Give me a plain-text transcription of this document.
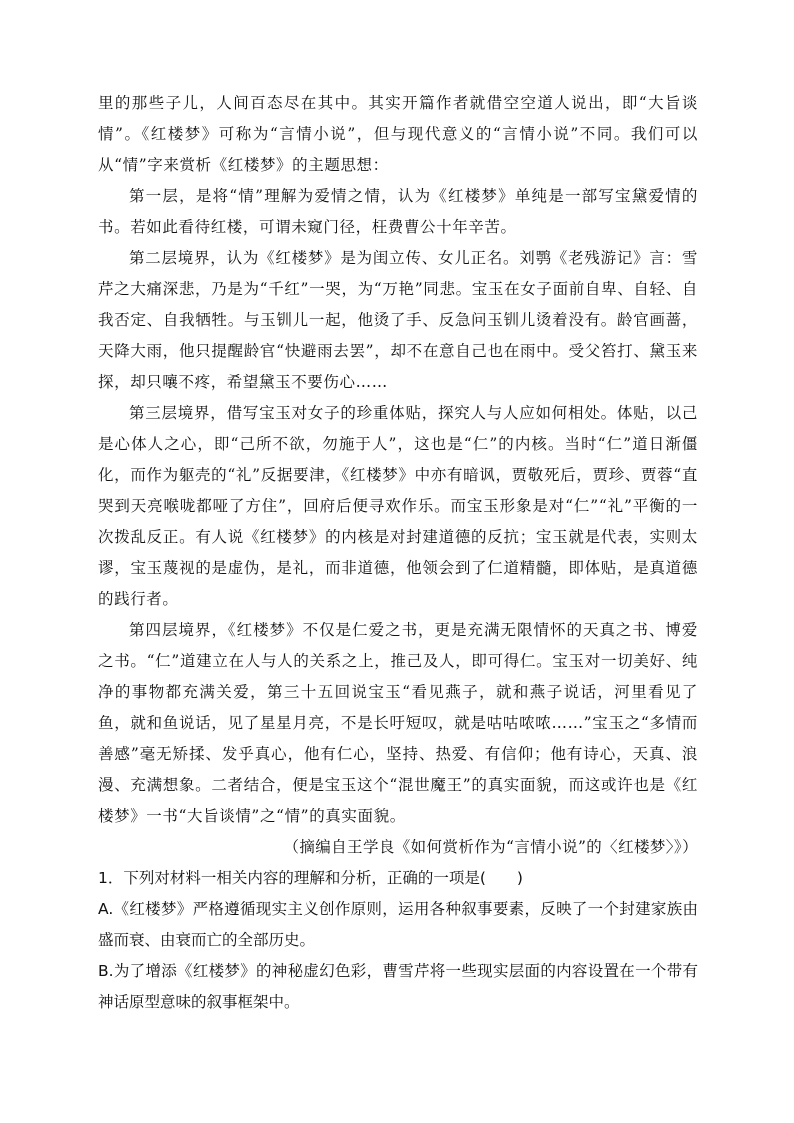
里的那些子儿，人间百态尽在其中。其实开篇作者就借空空道人说出，即“大旨谈情”。《红楼梦》可称为“言情小说”，但与现代意义的“言情小说”不同。我们可以从“情”字来赏析《红楼梦》的主题思想：

第一层，是将“情”理解为爱情之情，认为《红楼梦》单纯是一部写宝黛爱情的书。若如此看待红楼，可谓未窥门径，枉费曹公十年辛苦。

第二层境界，认为《红楼梦》是为闺立传、女儿正名。刘鹗《老残游记》言：雪芹之大痛深悲，乃是为“千红”一哭，为“万艳”同悲。宝玉在女子面前自卑、自轻、自我否定、自我牺牲。与玉钏儿一起，他烫了手、反急问玉钏儿烫着没有。龄官画蔷，天降大雨，他只提醒龄官“快避雨去罢”，却不在意自己也在雨中。受父笞打、黛玉来探，却只嚷不疼，希望黛玉不要伤心……

第三层境界，借写宝玉对女子的珍重体贴，探究人与人应如何相处。体贴，以己是心体人之心，即“己所不欲，勿施于人”，这也是“仁”的内核。当时“仁”道日渐僵化，而作为躯壳的“礼”反据要津，《红楼梦》中亦有暗讽，贾敬死后，贾珍、贾蓉“直哭到天亮喉咙都哑了方住”，回府后便寻欢作乐。而宝玉形象是对“仁”“礼”平衡的一次拨乱反正。有人说《红楼梦》的内核是对封建道德的反抗；宝玉就是代表，实则太谬，宝玉蔑视的是虚伪，是礼，而非道德，他领会到了仁道精髓，即体贴，是真道德的践行者。

第四层境界，《红楼梦》不仅是仁爱之书，更是充满无限情怀的天真之书、博爱之书。“仁”道建立在人与人的关系之上，推己及人，即可得仁。宝玉对一切美好、纯净的事物都充满关爱，第三十五回说宝玉“看见燕子，就和燕子说话，河里看见了鱼，就和鱼说话，见了星星月亮，不是长吁短叹，就是咕咕哝哝……”宝玉之“多情而善感”毫无矫揉、发乎真心，他有仁心，坚持、热爱、有信仰；他有诗心，天真、浪漫、充满想象。二者结合，便是宝玉这个“混世魔王”的真实面貌，而这或许也是《红楼梦》一书“大旨谈情”之“情”的真实面貌。

（摘编自王学良《如何赏析作为“言情小说”的〈红楼梦〉》）

1．下列对材料一相关内容的理解和分析，正确的一项是(　　)

A.《红楼梦》严格遵循现实主义创作原则，运用各种叙事要素，反映了一个封建家族由盛而衰、由衰而亡的全部历史。

B.为了增添《红楼梦》的神秘虚幻色彩，曹雪芹将一些现实层面的内容设置在一个带有神话原型意味的叙事框架中。
